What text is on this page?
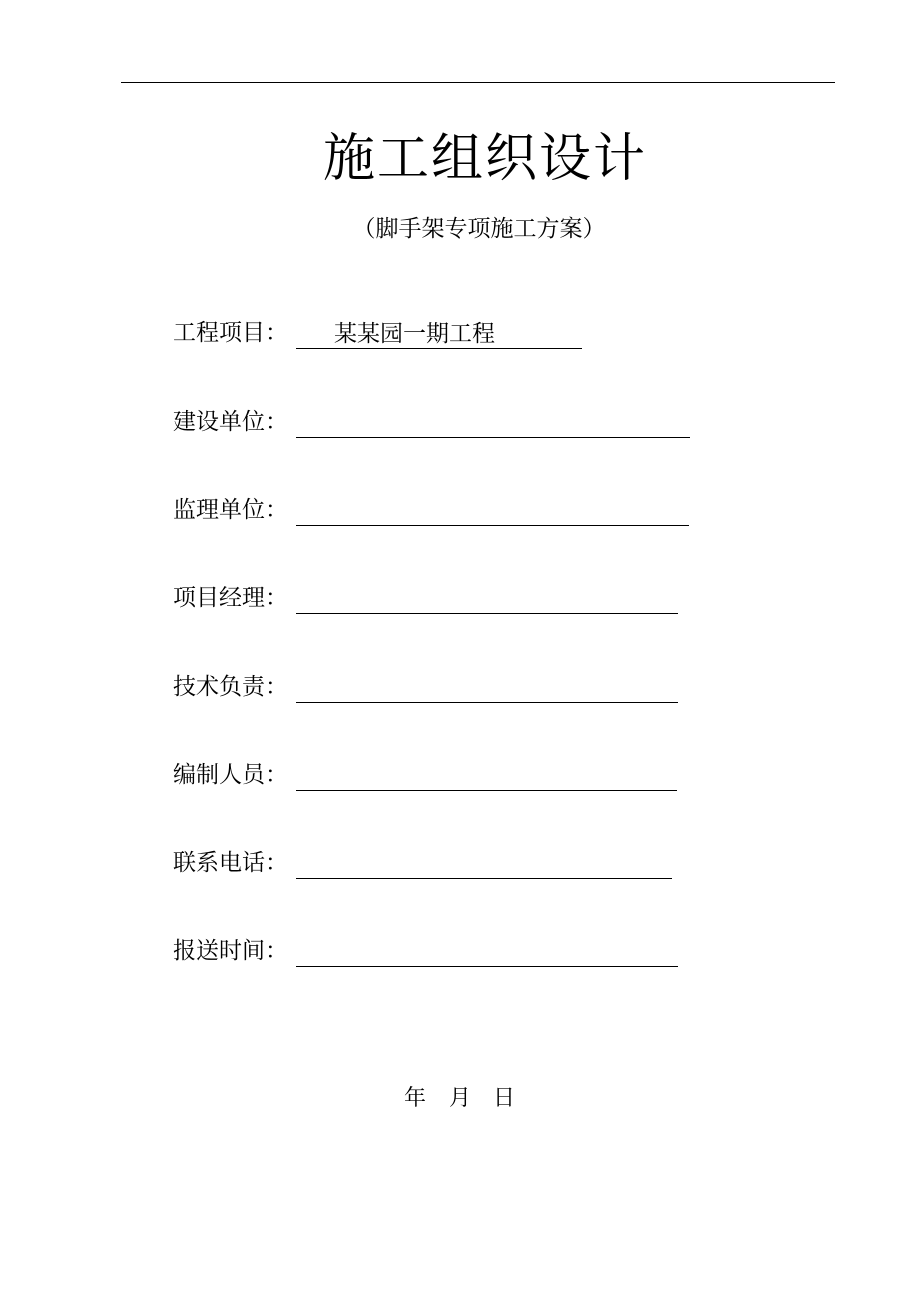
施工组织设计
（脚手架专项施工方案）
工程项目： 某某园一期工程
建设单位：
监理单位：
项目经理：
技术负责：
编制人员：
联系电话：
报送时间：
年 月 日
